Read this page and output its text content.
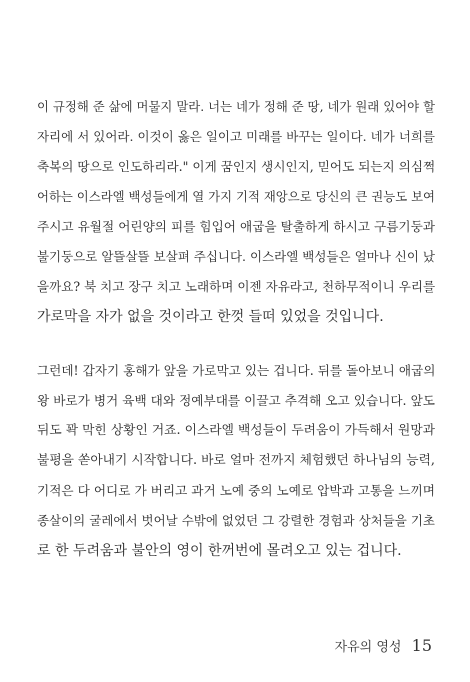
이 규정해 준 삶에 머물지 말라. 너는 네가 정해 준 땅, 네가 원래 있어야 할
자리에 서 있어라. 이것이 옳은 일이고 미래를 바꾸는 일이다. 네가 너희를
축복의 땅으로 인도하리라." 이게 꿈인지 생시인지, 믿어도 되는지 의심쩍
어하는 이스라엘 백성들에게 열 가지 기적 재앙으로 당신의 큰 권능도 보여
주시고 유월절 어린양의 피를 힘입어 애굽을 탈출하게 하시고 구름기둥과
불기둥으로 알뜰살뜰 보살펴 주십니다. 이스라엘 백성들은 얼마나 신이 났
을까요? 북 치고 장구 치고 노래하며 이젠 자유라고, 천하무적이니 우리를
가로막을 자가 없을 것이라고 한껏 들떠 있었을 것입니다.
그런데! 갑자기 홍해가 앞을 가로막고 있는 겁니다. 뒤를 돌아보니 애굽의
왕 바로가 병거 육백 대와 정예부대를 이끌고 추격해 오고 있습니다. 앞도
뒤도 꽉 막힌 상황인 거죠. 이스라엘 백성들이 두려움이 가득해서 원망과
불평을 쏟아내기 시작합니다. 바로 얼마 전까지 체험했던 하나님의 능력,
기적은 다 어디로 가 버리고 과거 노예 중의 노예로 압박과 고통을 느끼며
종살이의 굴레에서 벗어날 수밖에 없었던 그 강렬한 경험과 상처들을 기초
로 한 두려움과 불안의 영이 한꺼번에 몰려오고 있는 겁니다.
자유의 영성 15
